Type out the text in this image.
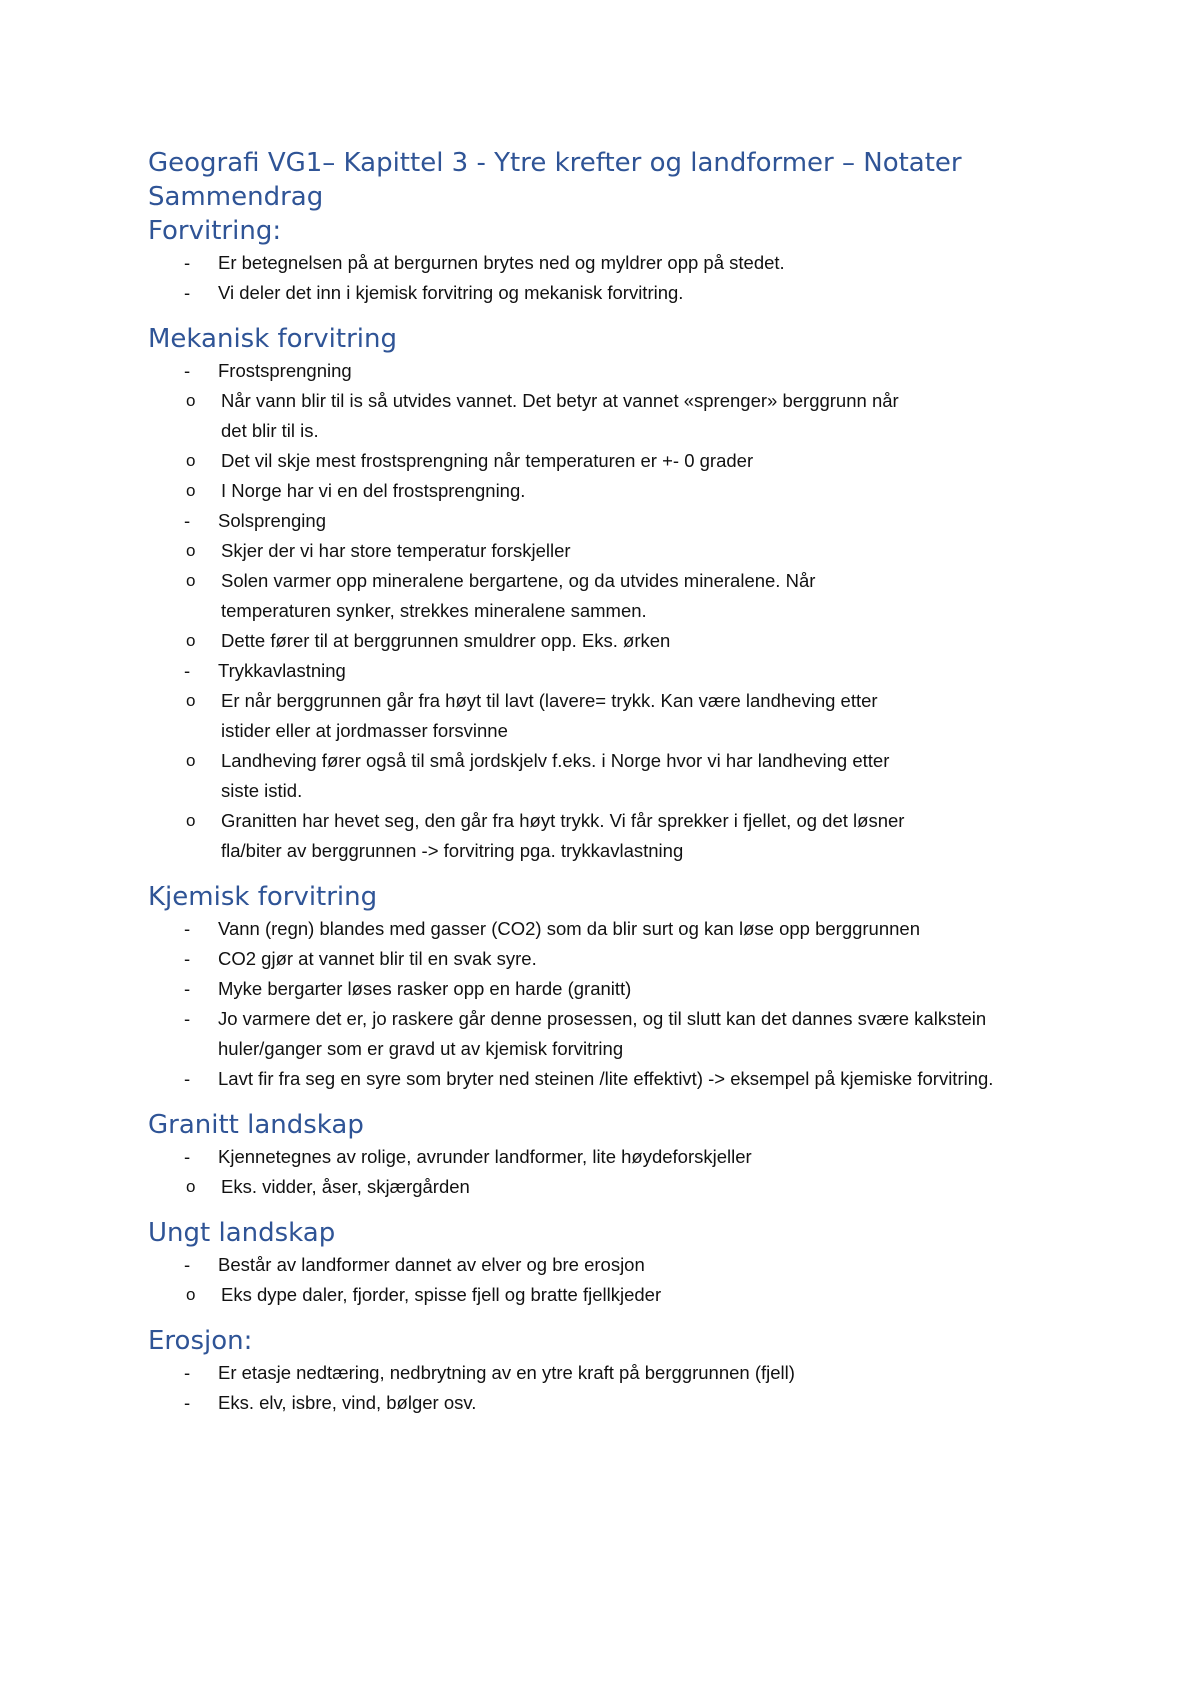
Geografi VG1– Kapittel 3 - Ytre krefter og landformer – Notater
Sammendrag
Forvitring:
- Er betegnelsen på at bergurnen brytes ned og myldrer opp på stedet.
- Vi deler det inn i kjemisk forvitring og mekanisk forvitring.
Mekanisk forvitring
- Frostsprengning
o Når vann blir til is så utvides vannet. Det betyr at vannet «sprenger» berggrunn når det blir til is.
o Det vil skje mest frostsprengning når temperaturen er +- 0 grader
o I Norge har vi en del frostsprengning.
- Solsprenging
o Skjer der vi har store temperatur forskjeller
o Solen varmer opp mineralene bergartene, og da utvides mineralene. Når temperaturen synker, strekkes mineralene sammen.
o Dette fører til at berggrunnen smuldrer opp. Eks. ørken
- Trykkavlastning
o Er når berggrunnen går fra høyt til lavt (lavere= trykk. Kan være landheving etter istider eller at jordmasser forsvinne
o Landheving fører også til små jordskjelv f.eks. i Norge hvor vi har landheving etter siste istid.
o Granitten har hevet seg, den går fra høyt trykk. Vi får sprekker i fjellet, og det løsner fla/biter av berggrunnen -> forvitring pga. trykkavlastning
Kjemisk forvitring
- Vann (regn) blandes med gasser (CO2) som da blir surt og kan løse opp berggrunnen
- CO2 gjør at vannet blir til en svak syre.
- Myke bergarter løses rasker opp en harde (granitt)
- Jo varmere det er, jo raskere går denne prosessen, og til slutt kan det dannes svære kalkstein huler/ganger som er gravd ut av kjemisk forvitring
- Lavt fir fra seg en syre som bryter ned steinen /lite effektivt) -> eksempel på kjemiske forvitring.
Granitt landskap
- Kjennetegnes av rolige, avrunder landformer, lite høydeforskjeller
o Eks. vidder, åser, skjærgården
Ungt landskap
- Består av landformer dannet av elver og bre erosjon
o Eks dype daler, fjorder, spisse fjell og bratte fjellkjeder
Erosjon:
- Er etasje nedtæring, nedbrytning av en ytre kraft på berggrunnen (fjell)
- Eks. elv, isbre, vind, bølger osv.
